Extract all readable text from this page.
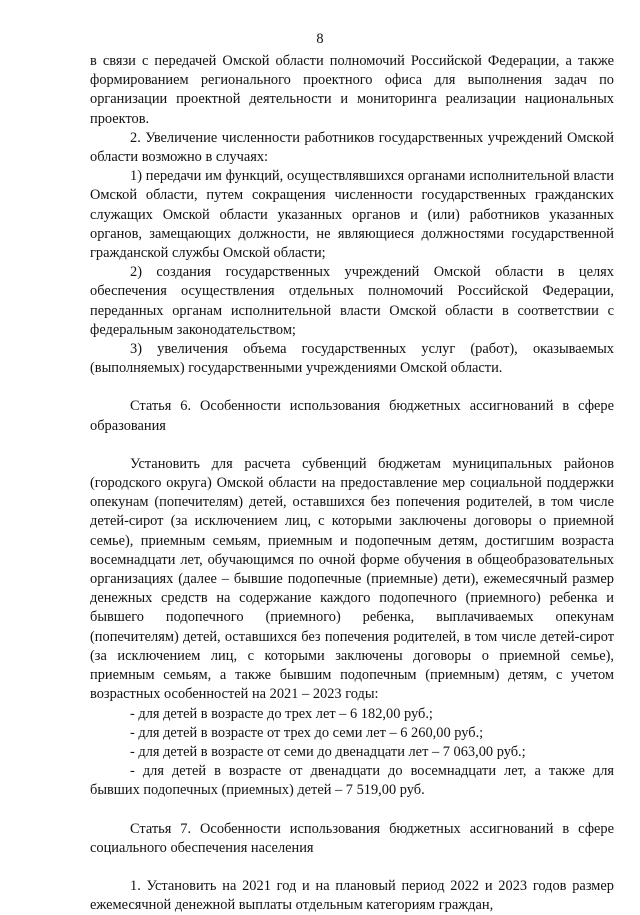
8

в связи с передачей Омской области полномочий Российской Федерации, а также формированием регионального проектного офиса для выполнения задач по организации проектной деятельности и мониторинга реализации национальных проектов.

2. Увеличение численности работников государственных учреждений Омской области возможно в случаях:

1) передачи им функций, осуществлявшихся органами исполнительной власти Омской области, путем сокращения численности государственных гражданских служащих Омской области указанных органов и (или) работников указанных органов, замещающих должности, не являющиеся должностями государственной гражданской службы Омской области;

2) создания государственных учреждений Омской области в целях обеспечения осуществления отдельных полномочий Российской Федерации, переданных органам исполнительной власти Омской области в соответствии с федеральным законодательством;

3) увеличения объема государственных услуг (работ), оказываемых (выполняемых) государственными учреждениями Омской области.

Статья 6. Особенности использования бюджетных ассигнований в сфере образования

Установить для расчета субвенций бюджетам муниципальных районов (городского округа) Омской области на предоставление мер социальной поддержки опекунам (попечителям) детей, оставшихся без попечения родителей, в том числе детей-сирот (за исключением лиц, с которыми заключены договоры о приемной семье), приемным семьям, приемным и подопечным детям, достигшим возраста восемнадцати лет, обучающимся по очной форме обучения в общеобразовательных организациях (далее – бывшие подопечные (приемные) дети), ежемесячный размер денежных средств на содержание каждого подопечного (приемного) ребенка и бывшего подопечного (приемного) ребенка, выплачиваемых опекунам (попечителям) детей, оставшихся без попечения родителей, в том числе детей-сирот (за исключением лиц, с которыми заключены договоры о приемной семье), приемным семьям, а также бывшим подопечным (приемным) детям, с учетом возрастных особенностей на 2021 – 2023 годы:

- для детей в возрасте до трех лет – 6 182,00 руб.;

- для детей в возрасте от трех до семи лет – 6 260,00 руб.;

- для детей в возрасте от семи до двенадцати лет – 7 063,00 руб.;

- для детей в возрасте от двенадцати до восемнадцати лет, а также для бывших подопечных (приемных) детей – 7 519,00 руб.

Статья 7. Особенности использования бюджетных ассигнований в сфере социального обеспечения населения

1. Установить на 2021 год и на плановый период 2022 и 2023 годов размер ежемесячной денежной выплаты отдельным категориям граждан,
